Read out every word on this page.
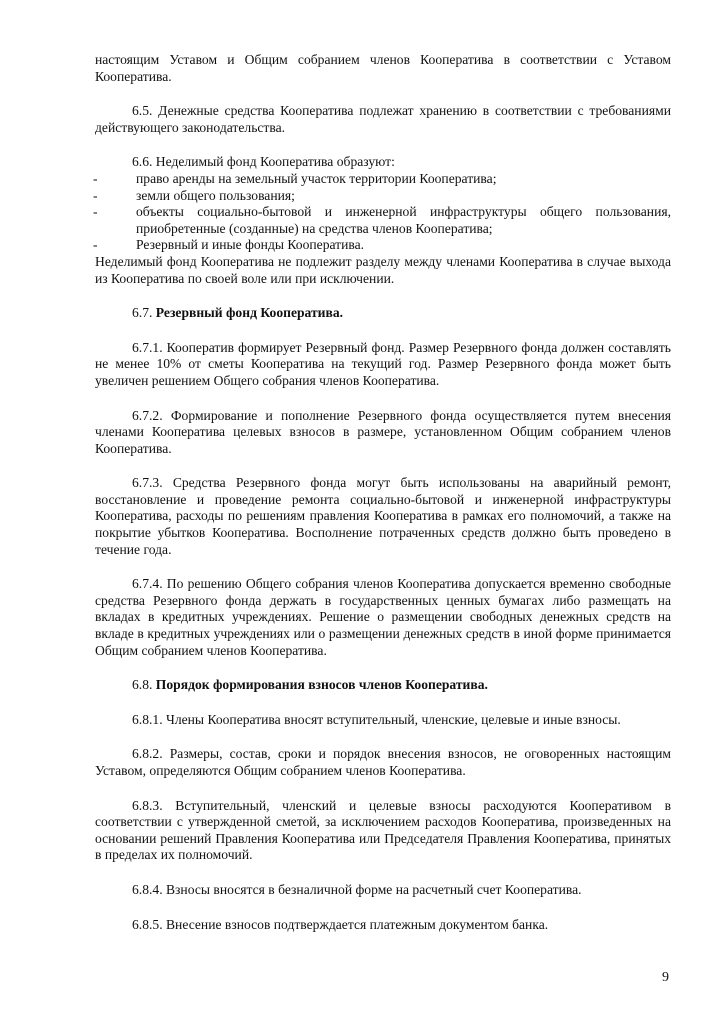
настоящим Уставом и Общим собранием членов Кооператива в соответствии с Уставом Кооператива.

6.5. Денежные средства Кооператива подлежат хранению в соответствии с требованиями действующего законодательства.

6.6. Неделимый фонд Кооператива образуют:

-	право аренды на земельный участок территории Кооператива;
-	земли общего пользования;
-	объекты социально-бытовой и инженерной инфраструктуры общего пользования, приобретенные (созданные) на средства членов Кооператива;
-	Резервный и иные фонды Кооператива.

Неделимый фонд Кооператива не подлежит разделу между членами Кооператива в случае выхода из Кооператива по своей воле или при исключении.

6.7. Резервный фонд Кооператива.

6.7.1. Кооператив формирует Резервный фонд. Размер Резервного фонда должен составлять не менее 10% от сметы Кооператива на текущий год. Размер Резервного фонда может быть увеличен решением Общего собрания членов Кооператива.

6.7.2. Формирование и пополнение Резервного фонда осуществляется путем внесения членами Кооператива целевых взносов в размере, установленном Общим собранием членов Кооператива.

6.7.3. Средства Резервного фонда могут быть использованы на аварийный ремонт, восстановление и проведение ремонта социально-бытовой и инженерной инфраструктуры Кооператива, расходы по решениям правления Кооператива в рамках его полномочий, а также на покрытие убытков Кооператива. Восполнение потраченных средств должно быть проведено в течение года.

6.7.4. По решению Общего собрания членов Кооператива допускается временно свободные средства Резервного фонда держать в государственных ценных бумагах либо размещать на вкладах в кредитных учреждениях. Решение о размещении свободных денежных средств на вкладе в кредитных учреждениях или о размещении денежных средств в иной форме принимается Общим собранием членов Кооператива.

6.8. Порядок формирования взносов членов Кооператива.

6.8.1. Члены Кооператива вносят вступительный, членские, целевые и иные взносы.

6.8.2. Размеры, состав, сроки и порядок внесения взносов, не оговоренных настоящим Уставом, определяются Общим собранием членов Кооператива.

6.8.3. Вступительный, членский и целевые взносы расходуются Кооперативом в соответствии с утвержденной сметой, за исключением расходов Кооператива, произведенных на основании решений Правления Кооператива или Председателя Правления Кооператива, принятых в пределах их полномочий.

6.8.4. Взносы вносятся в безналичной форме на расчетный счет Кооператива.

6.8.5. Внесение взносов подтверждается платежным документом банка.

9
